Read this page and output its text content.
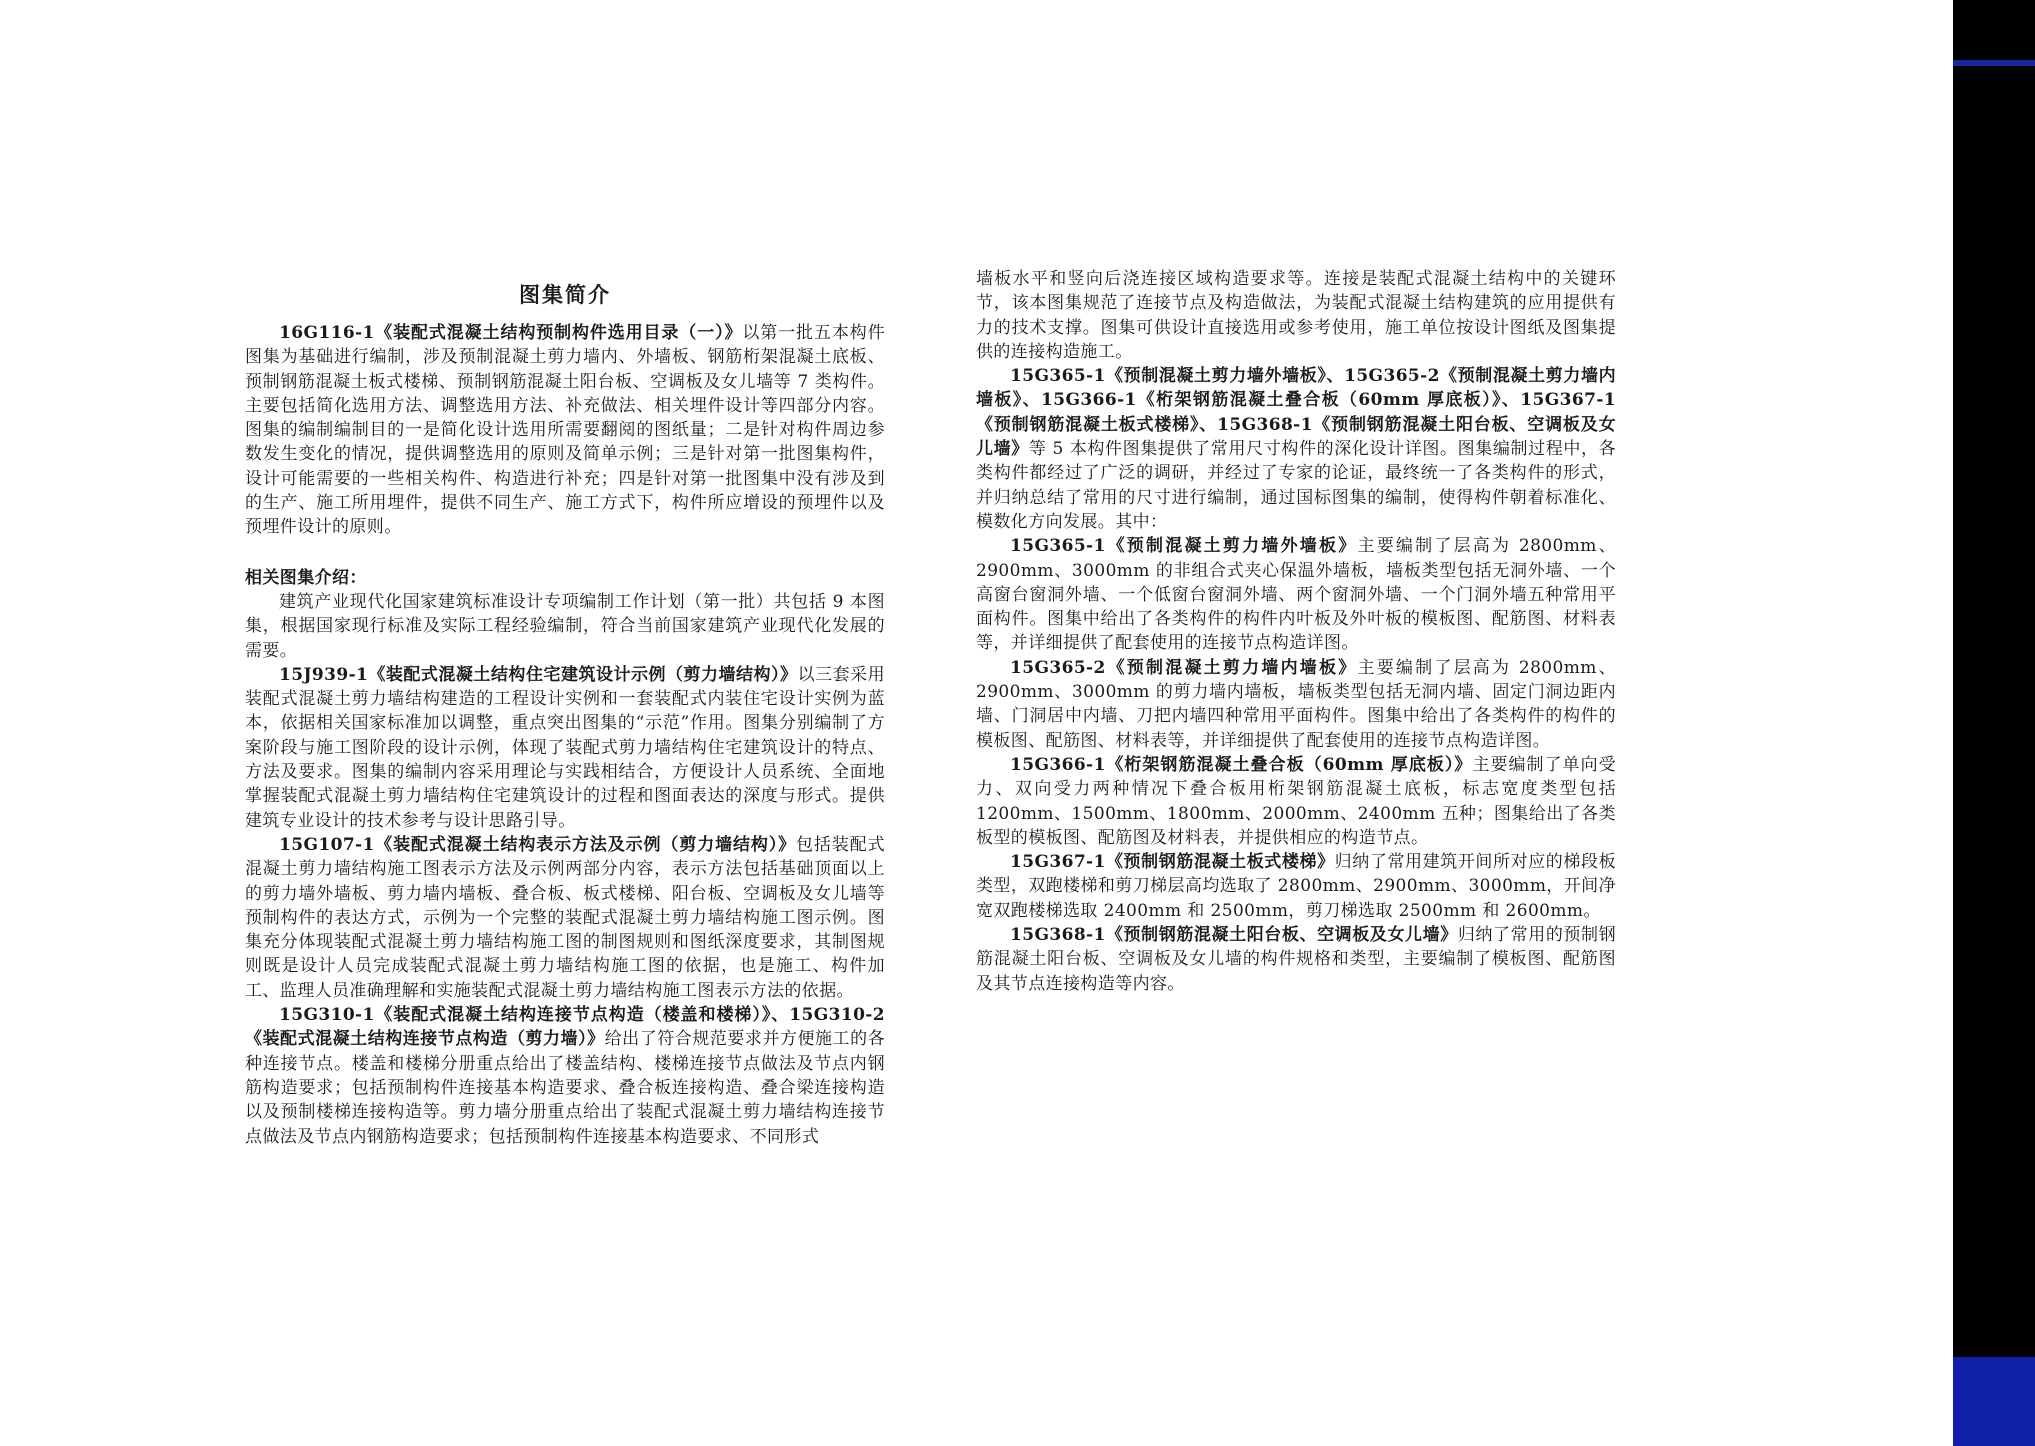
图集简介

16G116-1《装配式混凝土结构预制构件选用目录（一）》以第一批五本构件图集为基础进行编制，涉及预制混凝土剪力墙内、外墙板、钢筋桁架混凝土底板、预制钢筋混凝土板式楼梯、预制钢筋混凝土阳台板、空调板及女儿墙等 7 类构件。主要包括简化选用方法、调整选用方法、补充做法、相关埋件设计等四部分内容。图集的编制编制目的一是简化设计选用所需要翻阅的图纸量；二是针对构件周边参数发生变化的情况，提供调整选用的原则及简单示例；三是针对第一批图集构件，设计可能需要的一些相关构件、构造进行补充；四是针对第一批图集中没有涉及到的生产、施工所用埋件，提供不同生产、施工方式下，构件所应增设的预埋件以及预埋件设计的原则。

相关图集介绍：

建筑产业现代化国家建筑标准设计专项编制工作计划（第一批）共包括 9 本图集，根据国家现行标准及实际工程经验编制，符合当前国家建筑产业现代化发展的需要。

15J939-1《装配式混凝土结构住宅建筑设计示例（剪力墙结构）》以三套采用装配式混凝土剪力墙结构建造的工程设计实例和一套装配式内装住宅设计实例为蓝本，依据相关国家标准加以调整，重点突出图集的“示范”作用。图集分别编制了方案阶段与施工图阶段的设计示例，体现了装配式剪力墙结构住宅建筑设计的特点、方法及要求。图集的编制内容采用理论与实践相结合，方便设计人员系统、全面地掌握装配式混凝土剪力墙结构住宅建筑设计的过程和图面表达的深度与形式。提供建筑专业设计的技术参考与设计思路引导。

15G107-1《装配式混凝土结构表示方法及示例（剪力墙结构）》包括装配式混凝土剪力墙结构施工图表示方法及示例两部分内容，表示方法包括基础顶面以上的剪力墙外墙板、剪力墙内墙板、叠合板、板式楼梯、阳台板、空调板及女儿墙等预制构件的表达方式，示例为一个完整的装配式混凝土剪力墙结构施工图示例。图集充分体现装配式混凝土剪力墙结构施工图的制图规则和图纸深度要求，其制图规则既是设计人员完成装配式混凝土剪力墙结构施工图的依据，也是施工、构件加工、监理人员准确理解和实施装配式混凝土剪力墙结构施工图表示方法的依据。

15G310-1《装配式混凝土结构连接节点构造（楼盖和楼梯）》、15G310-2《装配式混凝土结构连接节点构造（剪力墙）》给出了符合规范要求并方便施工的各种连接节点。楼盖和楼梯分册重点给出了楼盖结构、楼梯连接节点做法及节点内钢筋构造要求；包括预制构件连接基本构造要求、叠合板连接构造、叠合梁连接构造以及预制楼梯连接构造等。剪力墙分册重点给出了装配式混凝土剪力墙结构连接节点做法及节点内钢筋构造要求；包括预制构件连接基本构造要求、不同形式

墙板水平和竖向后浇连接区域构造要求等。连接是装配式混凝土结构中的关键环节，该本图集规范了连接节点及构造做法，为装配式混凝土结构建筑的应用提供有力的技术支撑。图集可供设计直接选用或参考使用，施工单位按设计图纸及图集提供的连接构造施工。

15G365-1《预制混凝土剪力墙外墙板》、15G365-2《预制混凝土剪力墙内墙板》、15G366-1《桁架钢筋混凝土叠合板（60mm 厚底板）》、15G367-1《预制钢筋混凝土板式楼梯》、15G368-1《预制钢筋混凝土阳台板、空调板及女儿墙》等 5 本构件图集提供了常用尺寸构件的深化设计详图。图集编制过程中，各类构件都经过了广泛的调研，并经过了专家的论证，最终统一了各类构件的形式，并归纳总结了常用的尺寸进行编制，通过国标图集的编制，使得构件朝着标准化、模数化方向发展。其中：

15G365-1《预制混凝土剪力墙外墙板》主要编制了层高为 2800mm、2900mm、3000mm 的非组合式夹心保温外墙板，墙板类型包括无洞外墙、一个高窗台窗洞外墙、一个低窗台窗洞外墙、两个窗洞外墙、一个门洞外墙五种常用平面构件。图集中给出了各类构件的构件内叶板及外叶板的模板图、配筋图、材料表等，并详细提供了配套使用的连接节点构造详图。

15G365-2《预制混凝土剪力墙内墙板》主要编制了层高为 2800mm、2900mm、3000mm 的剪力墙内墙板，墙板类型包括无洞内墙、固定门洞边距内墙、门洞居中内墙、刀把内墙四种常用平面构件。图集中给出了各类构件的构件的模板图、配筋图、材料表等，并详细提供了配套使用的连接节点构造详图。

15G366-1《桁架钢筋混凝土叠合板（60mm 厚底板）》主要编制了单向受力、双向受力两种情况下叠合板用桁架钢筋混凝土底板，标志宽度类型包括 1200mm、1500mm、1800mm、2000mm、2400mm 五种；图集给出了各类板型的模板图、配筋图及材料表，并提供相应的构造节点。

15G367-1《预制钢筋混凝土板式楼梯》归纳了常用建筑开间所对应的梯段板类型，双跑楼梯和剪刀梯层高均选取了 2800mm、2900mm、3000mm，开间净宽双跑楼梯选取 2400mm 和 2500mm，剪刀梯选取 2500mm 和 2600mm。

15G368-1《预制钢筋混凝土阳台板、空调板及女儿墙》归纳了常用的预制钢筋混凝土阳台板、空调板及女儿墙的构件规格和类型，主要编制了模板图、配筋图及其节点连接构造等内容。
